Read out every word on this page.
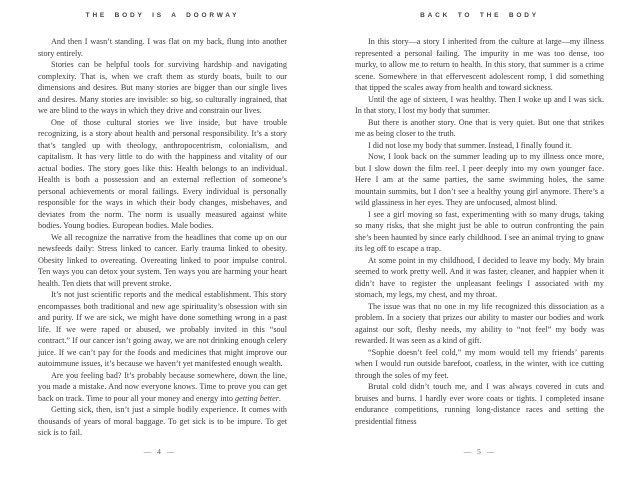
THE BODY IS A DOORWAY

And then I wasn’t standing. I was flat on my back, flung into another story entirely.

Stories can be helpful tools for surviving hardship and navigating complexity. That is, when we craft them as sturdy boats, built to our dimensions and desires. But many stories are bigger than our single lives and desires. Many stories are invisible: so big, so culturally ingrained, that we are blind to the ways in which they drive and constrain our lives.

One of those cultural stories we live inside, but have trouble recognizing, is a story about health and personal responsibility. It’s a story that’s tangled up with theology, anthropocentrism, colonialism, and capitalism. It has very little to do with the happiness and vitality of our actual bodies. The story goes like this: Health belongs to an individual. Health is both a possession and an external reflection of someone’s personal achievements or moral failings. Every individual is personally responsible for the ways in which their body changes, misbehaves, and deviates from the norm. The norm is usually measured against white bodies. Young bodies. European bodies. Male bodies.

We all recognize the narrative from the headlines that come up on our newsfeeds daily: Stress linked to cancer. Early trauma linked to obesity. Obesity linked to overeating. Overeating linked to poor impulse control. Ten ways you can detox your system. Ten ways you are harming your heart health. Ten diets that will prevent stroke.

It’s not just scientific reports and the medical establishment. This story encompasses both traditional and new age spirituality’s obsession with sin and purity. If we are sick, we might have done something wrong in a past life. If we were raped or abused, we probably invited in this “soul contract.” If our cancer isn’t going away, we are not drinking enough celery juice. If we can’t pay for the foods and medicines that might improve our autoimmune issues, it’s because we haven’t yet manifested enough wealth.

Are you feeling bad? It’s probably because somewhere, down the line, you made a mistake. And now everyone knows. Time to prove you can get back on track. Time to pour all your money and energy into getting better.

Getting sick, then, isn’t just a simple bodily experience. It comes with thousands of years of moral baggage. To get sick is to be impure. To get sick is to fail.

— 4 —
BACK TO THE BODY

In this story—a story I inherited from the culture at large—my illness represented a personal failing. The impurity in me was too dense, too murky, to allow me to return to health. In this story, that summer is a crime scene. Somewhere in that effervescent adolescent romp, I did something that tipped the scales away from health and toward sickness.

Until the age of sixteen, I was healthy. Then I woke up and I was sick. In that story, I lost my body that summer.

But there is another story. One that is very quiet. But one that strikes me as being closer to the truth.

I did not lose my body that summer. Instead, I finally found it.

Now, I look back on the summer leading up to my illness once more, but I slow down the film reel. I peer deeply into my own younger face. Here I am at the same parties, the same swimming holes, the same mountain summits, but I don’t see a healthy young girl anymore. There’s a wild glassiness in her eyes. They are unfocused, almost blind.

I see a girl moving so fast, experimenting with so many drugs, taking so many risks, that she might just be able to outrun confronting the pain she’s been haunted by since early childhood. I see an animal trying to gnaw its leg off to escape a trap.

At some point in my childhood, I decided to leave my body. My brain seemed to work pretty well. And it was faster, cleaner, and happier when it didn’t have to register the unpleasant feelings I associated with my stomach, my legs, my chest, and my throat.

The issue was that no one in my life recognized this dissociation as a problem. In a society that prizes our ability to master our bodies and work against our soft, fleshy needs, my ability to “not feel” my body was rewarded. It was seen as a kind of gift.

“Sophie doesn’t feel cold,” my mom would tell my friends’ parents when I would run outside barefoot, coatless, in the winter, with ice cutting through the soles of my feet.

Brutal cold didn’t touch me, and I was always covered in cuts and bruises and burns. I hardly ever wore coats or tights. I completed insane endurance competitions, running long-distance races and setting the presidential fitness

— 5 —
